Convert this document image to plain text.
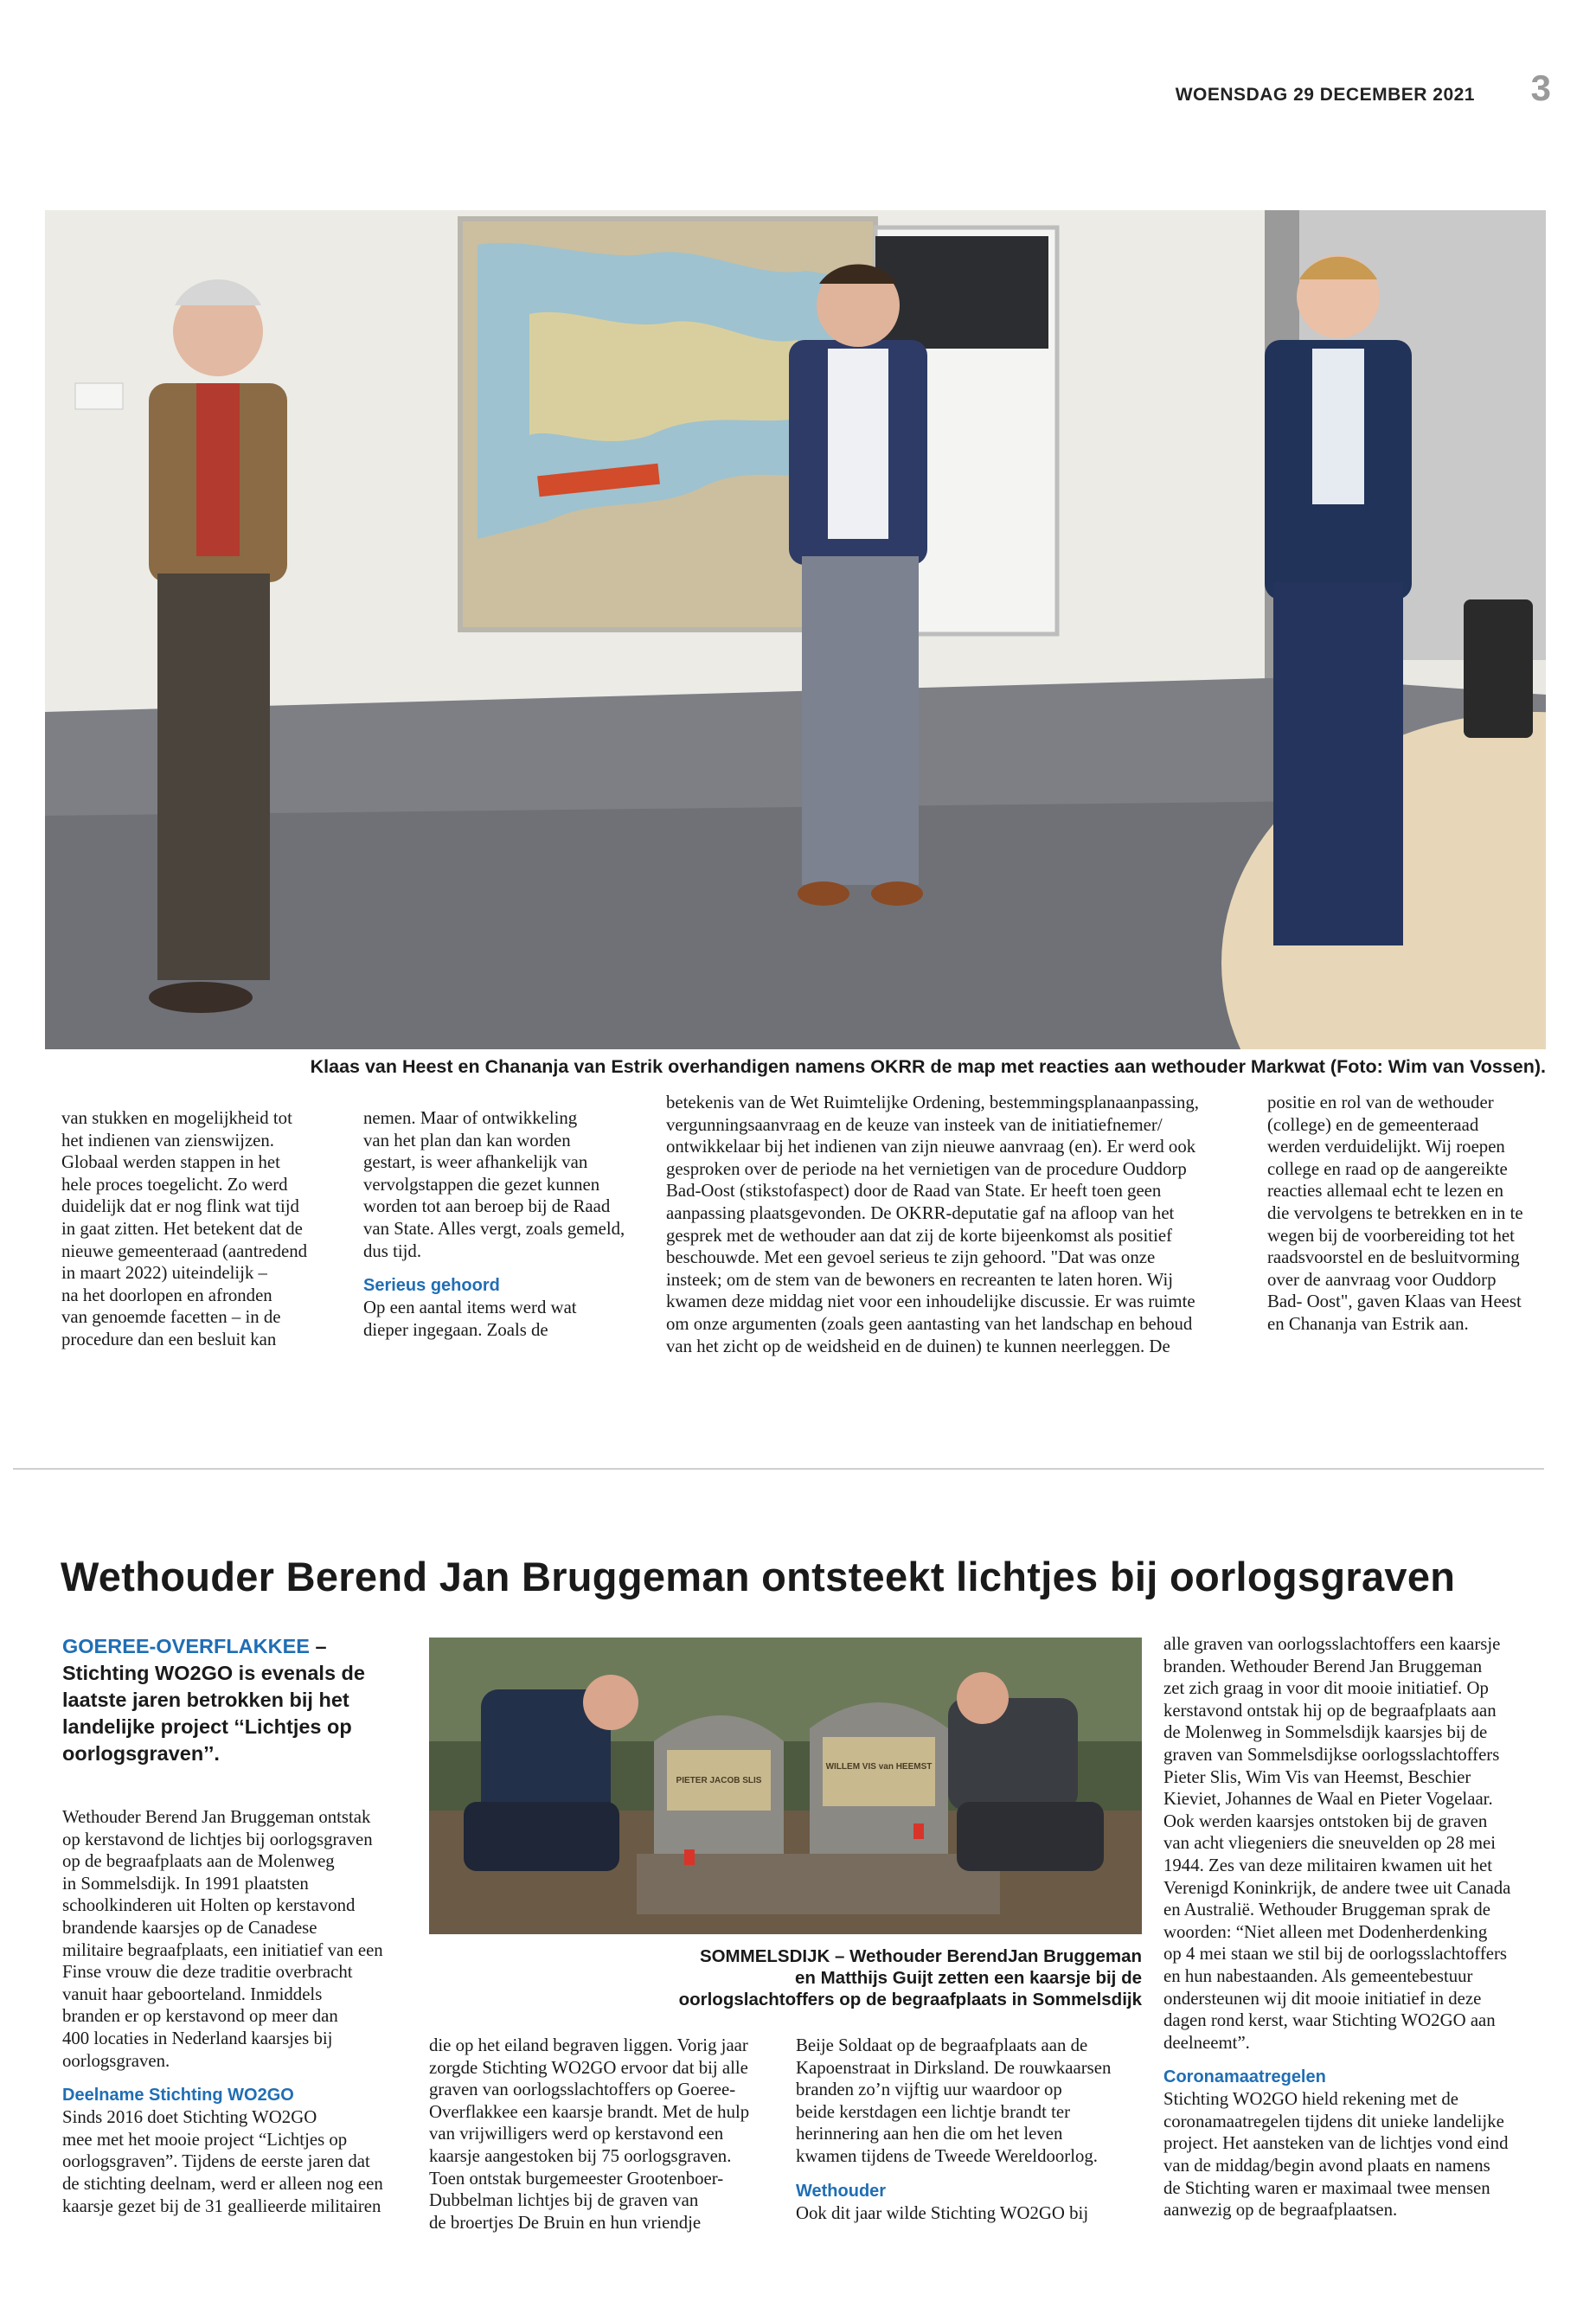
WOENSDAG 29 DECEMBER 2021 3
Klaas van Heest en Chananja van Estrik overhandigen namens OKRR de map met reacties aan wethouder Markwat (Foto: Wim van Vossen).

van stukken en mogelijkheid tot
het indienen van zienswijzen.
Globaal werden stappen in het
hele proces toegelicht. Zo werd
duidelijk dat er nog flink wat tijd
in gaat zitten. Het betekent dat de
nieuwe gemeenteraad (aantredend
in maart 2022) uiteindelijk –
na het doorlopen en afronden
van genoemde facetten – in de
procedure dan een besluit kan

nemen. Maar of ontwikkeling
van het plan dan kan worden
gestart, is weer afhankelijk van
vervolgstappen die gezet kunnen
worden tot aan beroep bij de Raad
van State. Alles vergt, zoals gemeld,
dus tijd.

Serieus gehoord

Op een aantal items werd wat
dieper ingegaan. Zoals de

betekenis van de Wet Ruimtelijke Ordening, bestemmingsplanaanpassing,
vergunningsaanvraag en de keuze van insteek van de initiatiefnemer/
ontwikkelaar bij het indienen van zijn nieuwe aanvraag (en). Er werd ook
gesproken over de periode na het vernietigen van de procedure Ouddorp
Bad-Oost (stikstofaspect) door de Raad van State. Er heeft toen geen
aanpassing plaatsgevonden. De OKRR-deputatie gaf na afloop van het
gesprek met de wethouder aan dat zij de korte bijeenkomst als positief
beschouwde. Met een gevoel serieus te zijn gehoord. "Dat was onze
insteek; om de stem van de bewoners en recreanten te laten horen. Wij
kwamen deze middag niet voor een inhoudelijke discussie. Er was ruimte
om onze argumenten (zoals geen aantasting van het landschap en behoud
van het zicht op de weidsheid en de duinen) te kunnen neerleggen. De

positie en rol van de wethouder
(college) en de gemeenteraad
werden verduidelijkt. Wij roepen
college en raad op de aangereikte
reacties allemaal echt te lezen en
die vervolgens te betrekken en in te
wegen bij de voorbereiding tot het
raadsvoorstel en de besluitvorming
over de aanvraag voor Ouddorp
Bad- Oost", gaven Klaas van Heest
en Chananja van Estrik aan.

Wethouder Berend Jan Bruggeman ontsteekt lichtjes bij oorlogsgraven
GOEREE-OVERFLAKKEE –
Stichting WO2GO is evenals de laatste jaren betrokken bij het landelijke project ‘‘Lichtjes op oorlogsgraven’’.
PIETER JACOB SLIS
WILLEM VIS van HEEMST
SOMMELSDIJK – Wethouder BerendJan Bruggeman
en Matthijs Guijt zetten een kaarsje bij de
oorlogslachtoffers op de begraafplaats in Sommelsdijk

Wethouder Berend Jan Bruggeman ontstak
op kerstavond de lichtjes bij oorlogsgraven
op de begraafplaats aan de Molenweg
in Sommelsdijk. In 1991 plaatsten
schoolkinderen uit Holten op kerstavond
brandende kaarsjes op de Canadese
militaire begraafplaats, een initiatief van een
Finse vrouw die deze traditie overbracht
vanuit haar geboorteland. Inmiddels
branden er op kerstavond op meer dan
400 locaties in Nederland kaarsjes bij
oorlogsgraven.

Deelname Stichting WO2GO

Sinds 2016 doet Stichting WO2GO
mee met het mooie project “Lichtjes op
oorlogsgraven”. Tijdens de eerste jaren dat
de stichting deelnam, werd er alleen nog een
kaarsje gezet bij de 31 geallieerde militairen

die op het eiland begraven liggen. Vorig jaar
zorgde Stichting WO2GO ervoor dat bij alle
graven van oorlogsslachtoffers op Goeree-
Overflakkee een kaarsje brandt. Met de hulp
van vrijwilligers werd op kerstavond een
kaarsje aangestoken bij 75 oorlogsgraven.
Toen ontstak burgemeester Grootenboer-
Dubbelman lichtjes bij de graven van
de broertjes De Bruin en hun vriendje

Beije Soldaat op de begraafplaats aan de
Kapoenstraat in Dirksland. De rouwkaarsen
branden zo’n vijftig uur waardoor op
beide kerstdagen een lichtje brandt ter
herinnering aan hen die om het leven
kwamen tijdens de Tweede Wereldoorlog.

Wethouder

Ook dit jaar wilde Stichting WO2GO bij

alle graven van oorlogsslachtoffers een kaarsje
branden. Wethouder Berend Jan Bruggeman
zet zich graag in voor dit mooie initiatief. Op
kerstavond ontstak hij op de begraafplaats aan
de Molenweg in Sommelsdijk kaarsjes bij de
graven van Sommelsdijkse oorlogsslachtoffers
Pieter Slis, Wim Vis van Heemst, Beschier
Kieviet, Johannes de Waal en Pieter Vogelaar.
Ook werden kaarsjes ontstoken bij de graven
van acht vliegeniers die sneuvelden op 28 mei
1944. Zes van deze militairen kwamen uit het
Verenigd Koninkrijk, de andere twee uit Canada
en Australië. Wethouder Bruggeman sprak de
woorden: “Niet alleen met Dodenherdenking
op 4 mei staan we stil bij de oorlogsslachtoffers
en hun nabestaanden. Als gemeentebestuur
ondersteunen wij dit mooie initiatief in deze
dagen rond kerst, waar Stichting WO2GO aan
deelneemt”.

Coronamaatregelen

Stichting WO2GO hield rekening met de
coronamaatregelen tijdens dit unieke landelijke
project. Het aansteken van de lichtjes vond eind
van de middag/begin avond plaats en namens
de Stichting waren er maximaal twee mensen
aanwezig op de begraafplaatsen.
